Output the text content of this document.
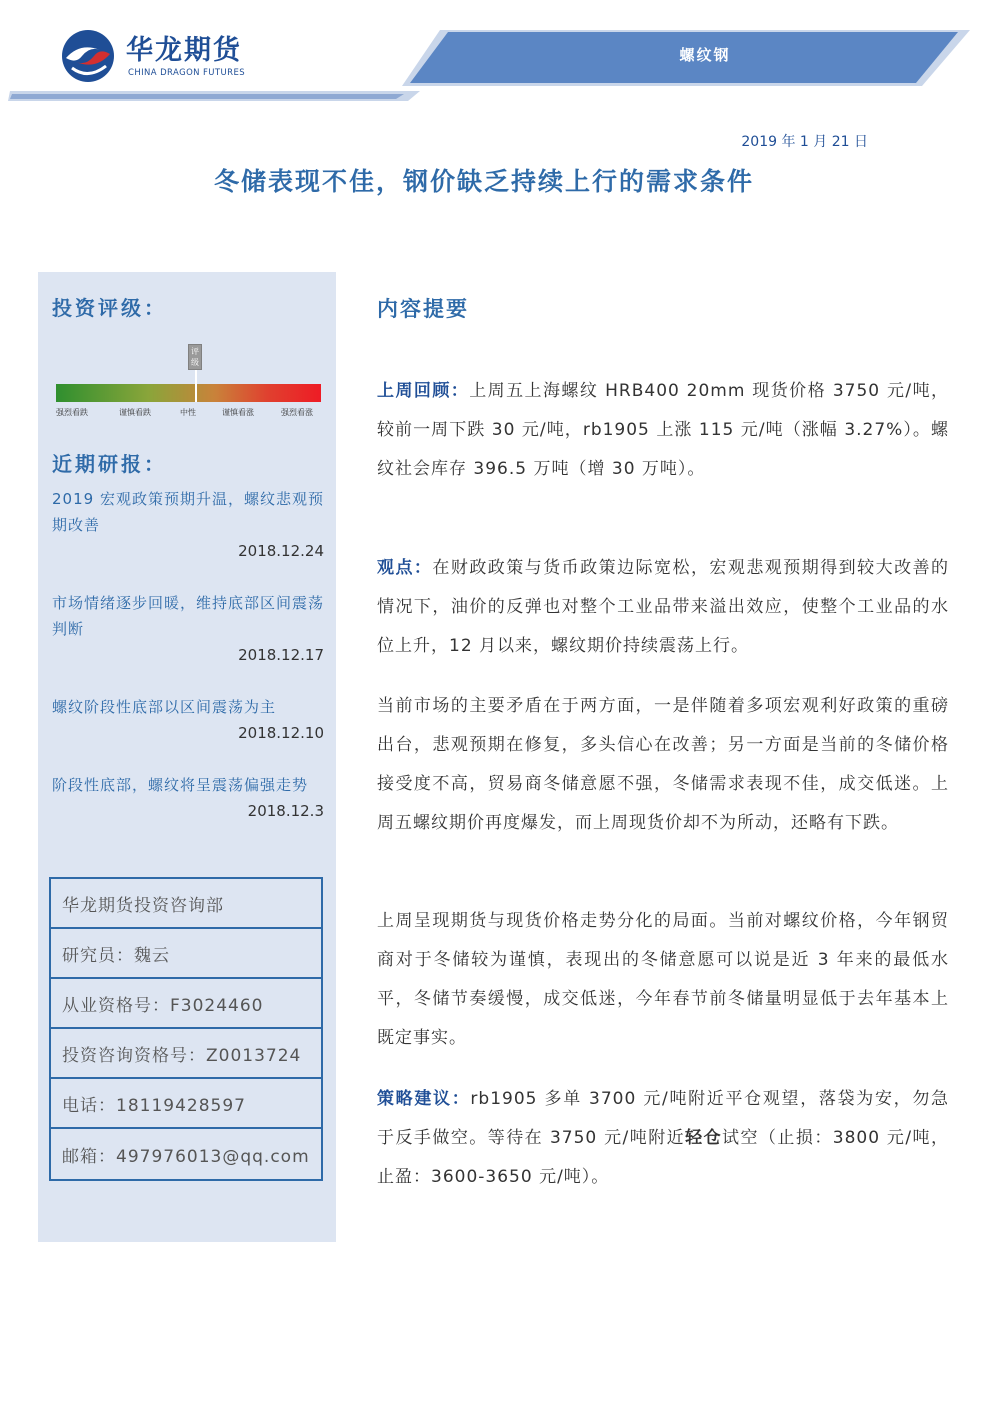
螺纹钢
华龙期货
CHINA DRAGON FUTURES
2019 年 1 月 21 日
冬储表现不佳，钢价缺乏持续上行的需求条件
投资评级：
评级
强烈看跌	谨慎看跌	中性	谨慎看涨	强烈看涨
近期研报：
2019 宏观政策预期升温，螺纹悲观预期改善
2018.12.24
市场情绪逐步回暖，维持底部区间震荡判断
2018.12.17
螺纹阶段性底部以区间震荡为主
2018.12.10
阶段性底部，螺纹将呈震荡偏强走势
2018.12.3
华龙期货投资咨询部
研究员：魏云
从业资格号：F3024460
投资咨询资格号：Z0013724
电话：18119428597
邮箱：497976013@qq.com
内容提要
上周回顾：上周五上海螺纹 HRB400 20mm 现货价格 3750 元/吨，较前一周下跌 30 元/吨，rb1905 上涨 115 元/吨（涨幅 3.27%）。螺纹社会库存 396.5 万吨（增 30 万吨）。
观点：在财政政策与货币政策边际宽松，宏观悲观预期得到较大改善的情况下，油价的反弹也对整个工业品带来溢出效应，使整个工业品的水位上升，12 月以来，螺纹期价持续震荡上行。
当前市场的主要矛盾在于两方面，一是伴随着多项宏观利好政策的重磅出台，悲观预期在修复，多头信心在改善；另一方面是当前的冬储价格接受度不高，贸易商冬储意愿不强，冬储需求表现不佳，成交低迷。上周五螺纹期价再度爆发，而上周现货价却不为所动，还略有下跌。
上周呈现期货与现货价格走势分化的局面。当前对螺纹价格，今年钢贸商对于冬储较为谨慎，表现出的冬储意愿可以说是近 3 年来的最低水平，冬储节奏缓慢，成交低迷，今年春节前冬储量明显低于去年基本上既定事实。
策略建议：rb1905 多单 3700 元/吨附近平仓观望，落袋为安，勿急于反手做空。等待在 3750 元/吨附近轻仓试空（止损：3800 元/吨，止盈：3600-3650 元/吨）。
